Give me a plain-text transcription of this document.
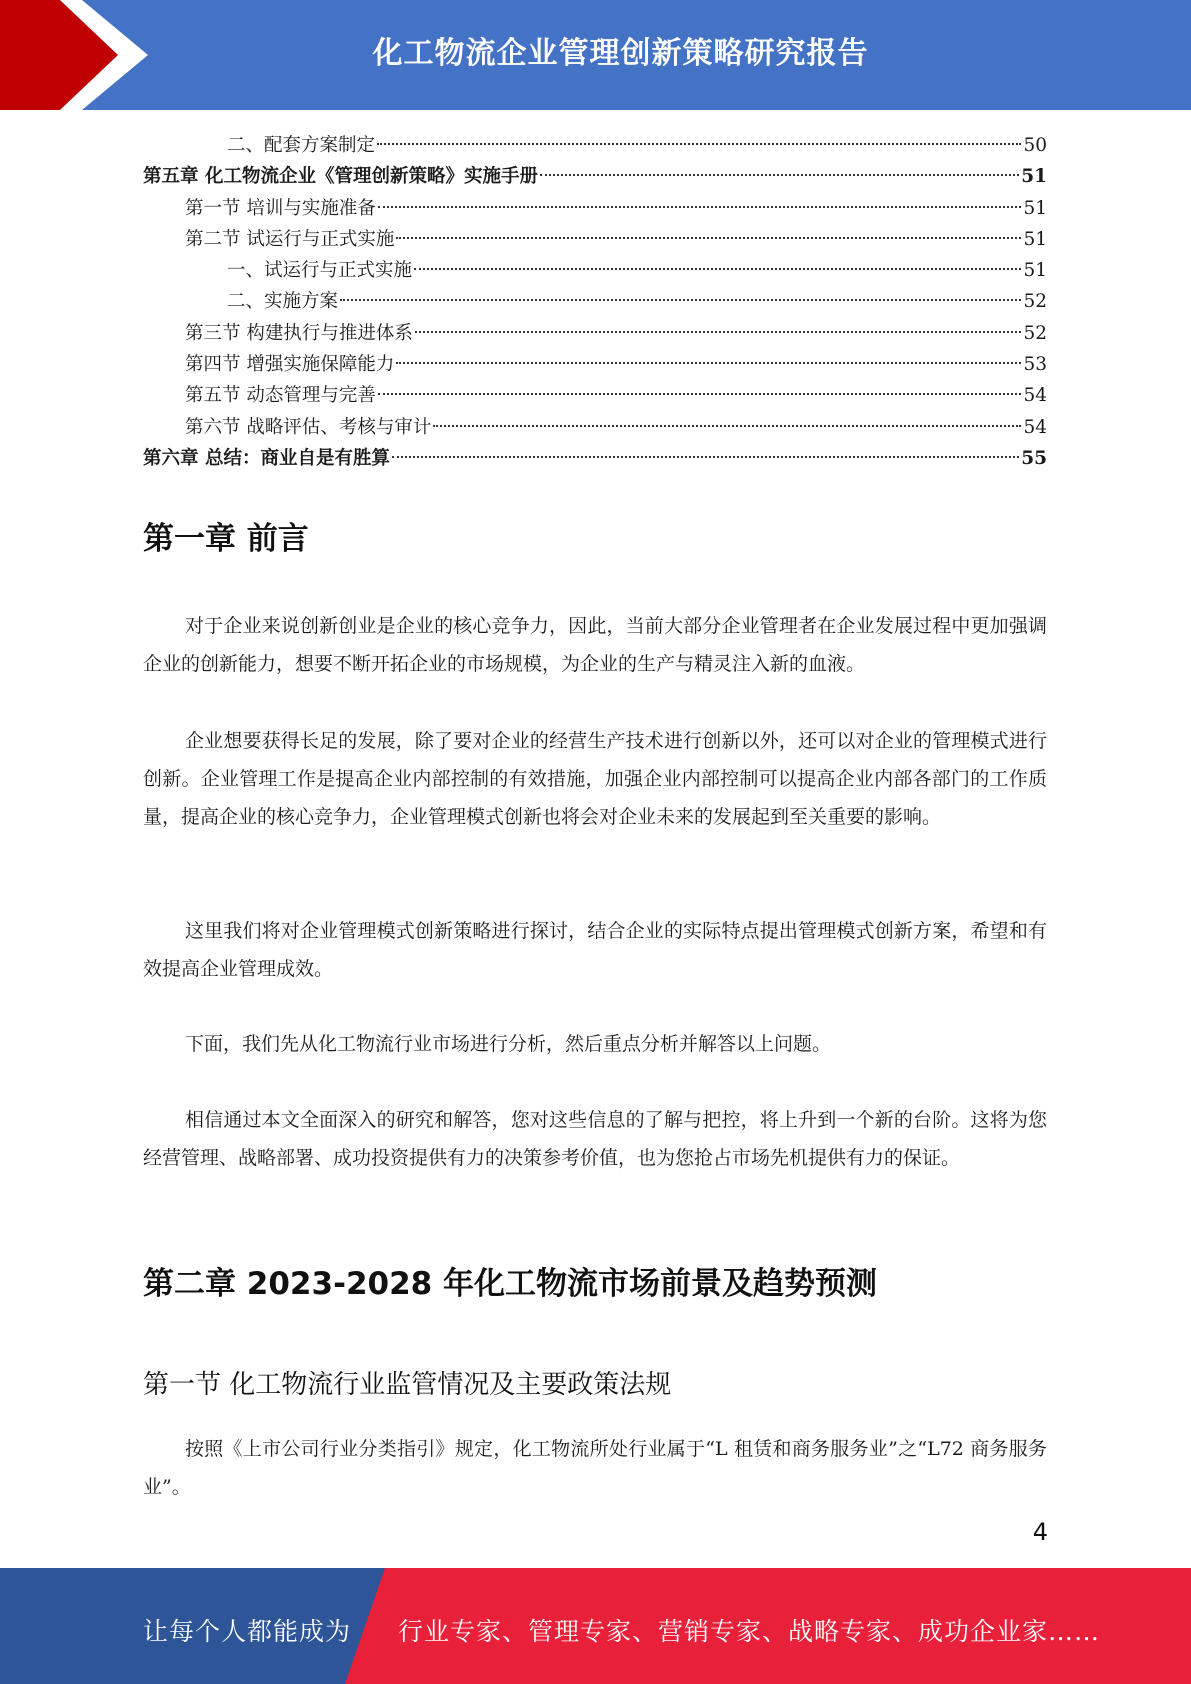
化工物流企业管理创新策略研究报告
二、配套方案制定	50
第五章 化工物流企业《管理创新策略》实施手册	51
第一节 培训与实施准备	51
第二节 试运行与正式实施	51
一、试运行与正式实施	51
二、实施方案	52
第三节 构建执行与推进体系	52
第四节 增强实施保障能力	53
第五节 动态管理与完善	54
第六节 战略评估、考核与审计	54
第六章 总结：商业自是有胜算	55
第一章 前言
对于企业来说创新创业是企业的核心竞争力，因此，当前大部分企业管理者在企业发展过程中更加强调企业的创新能力，想要不断开拓企业的市场规模，为企业的生产与精灵注入新的血液。
企业想要获得长足的发展，除了要对企业的经营生产技术进行创新以外，还可以对企业的管理模式进行创新。企业管理工作是提高企业内部控制的有效措施，加强企业内部控制可以提高企业内部各部门的工作质量，提高企业的核心竞争力，企业管理模式创新也将会对企业未来的发展起到至关重要的影响。
这里我们将对企业管理模式创新策略进行探讨，结合企业的实际特点提出管理模式创新方案，希望和有效提高企业管理成效。
下面，我们先从化工物流行业市场进行分析，然后重点分析并解答以上问题。
相信通过本文全面深入的研究和解答，您对这些信息的了解与把控，将上升到一个新的台阶。这将为您经营管理、战略部署、成功投资提供有力的决策参考价值，也为您抢占市场先机提供有力的保证。
第二章 2023-2028 年化工物流市场前景及趋势预测
第一节 化工物流行业监管情况及主要政策法规
按照《上市公司行业分类指引》规定，化工物流所处行业属于“L 租赁和商务服务业”之“L72 商务服务业”。
4
让每个人都能成为 行业专家、管理专家、营销专家、战略专家、成功企业家……
